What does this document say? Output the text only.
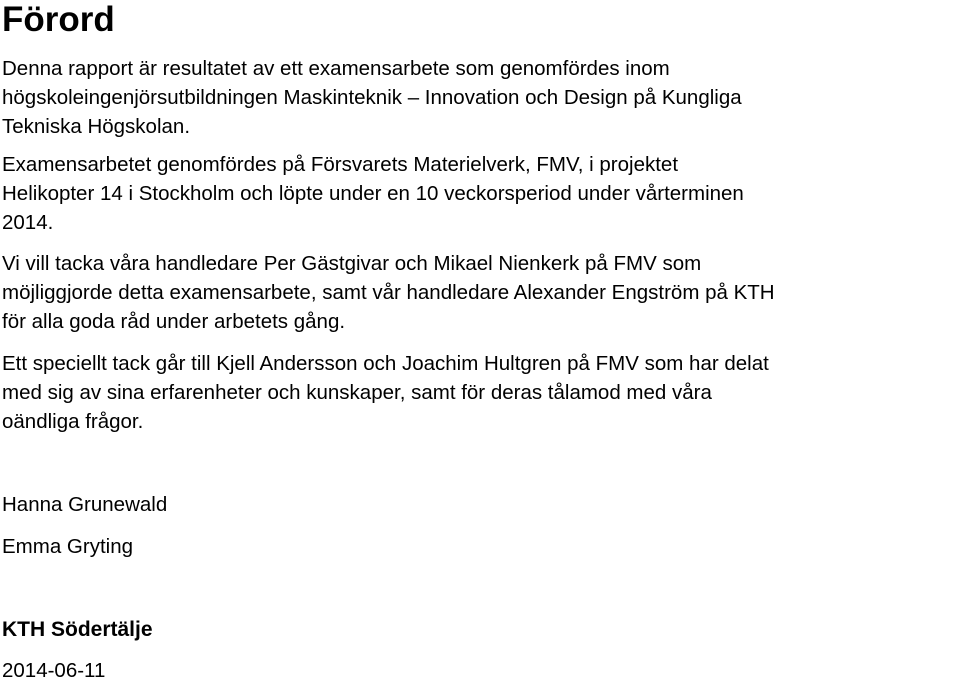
Förord

Denna rapport är resultatet av ett examensarbete som genomfördes inom
högskoleingenjörsutbildningen Maskinteknik – Innovation och Design på Kungliga
Tekniska Högskolan.

Examensarbetet genomfördes på Försvarets Materielverk, FMV, i projektet
Helikopter 14 i Stockholm och löpte under en 10 veckorsperiod under vårterminen
2014.

Vi vill tacka våra handledare Per Gästgivar och Mikael Nienkerk på FMV som
möjliggjorde detta examensarbete, samt vår handledare Alexander Engström på KTH
för alla goda råd under arbetets gång.

Ett speciellt tack går till Kjell Andersson och Joachim Hultgren på FMV som har delat
med sig av sina erfarenheter och kunskaper, samt för deras tålamod med våra
oändliga frågor.

Hanna Grunewald

Emma Gryting

KTH Södertälje

2014-06-11
